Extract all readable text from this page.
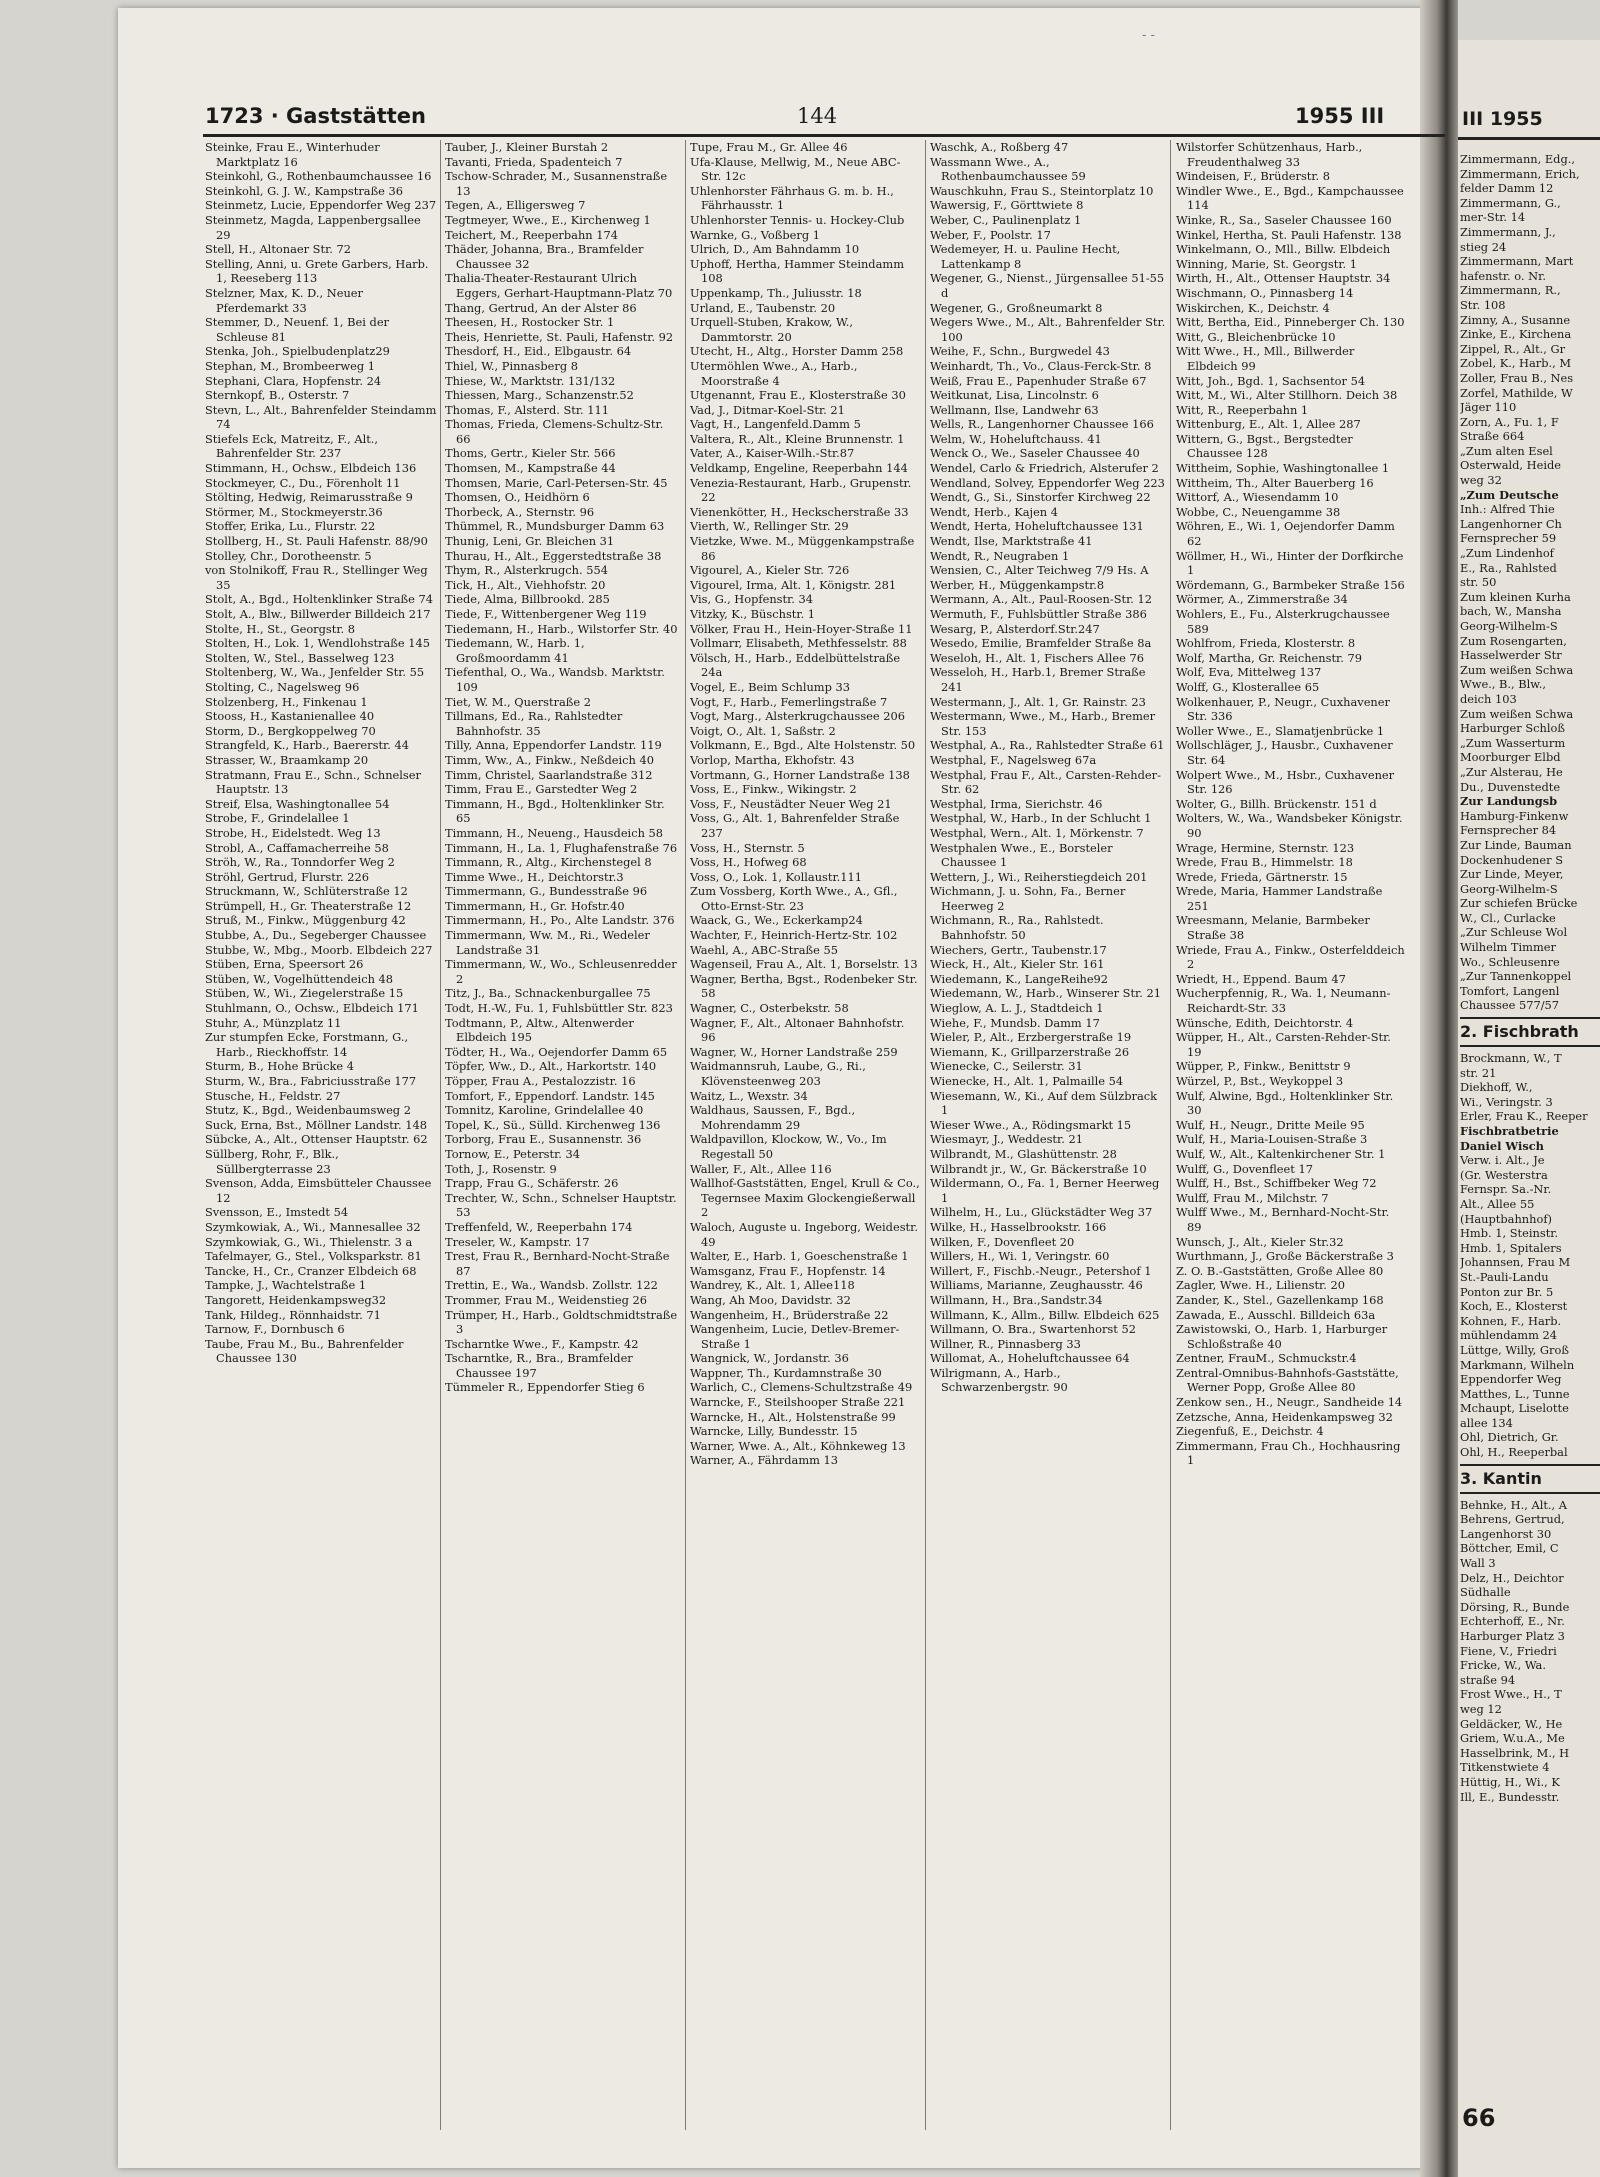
- -
1723 · Gaststätten	144	1955 III

Steinke, Frau E., Winterhuder Marktplatz 16

Steinkohl, G., Rothenbaumchaussee 16

Steinkohl, G. J. W., Kampstraße 36

Steinmetz, Lucie, Eppendorfer Weg 237

Steinmetz, Magda, Lappenbergsallee 29

Stell, H., Altonaer Str. 72

Stelling, Anni, u. Grete Garbers, Harb. 1, Reeseberg 113

Stelzner, Max, K. D., Neuer Pferdemarkt 33

Stemmer, D., Neuenf. 1, Bei der Schleuse 81

Stenka, Joh., Spielbudenplatz29

Stephan, M., Brombeerweg 1

Stephani, Clara, Hopfenstr. 24

Sternkopf, B., Osterstr. 7

Stevn, L., Alt., Bahrenfelder Steindamm 74

Stiefels Eck, Matreitz, F., Alt., Bahrenfelder Str. 237

Stimmann, H., Ochsw., Elbdeich 136

Stockmeyer, C., Du., Förenholt 11

Stölting, Hedwig, Reimarusstraße 9

Störmer, M., Stockmeyerstr.36

Stoffer, Erika, Lu., Flurstr. 22

Stollberg, H., St. Pauli Hafenstr. 88/90

Stolley, Chr., Dorotheenstr. 5

von Stolnikoff, Frau R., Stellinger Weg 35

Stolt, A., Bgd., Holtenklinker Straße 74

Stolt, A., Blw., Billwerder Billdeich 217

Stolte, H., St., Georgstr. 8

Stolten, H., Lok. 1, Wendlohstraße 145

Stolten, W., Stel., Basselweg 123

Stoltenberg, W., Wa., Jenfelder Str. 55

Stolting, C., Nagelsweg 96

Stolzenberg, H., Finkenau 1

Stooss, H., Kastanienallee 40

Storm, D., Bergkoppelweg 70

Strangfeld, K., Harb., Baererstr. 44

Strasser, W., Braamkamp 20

Stratmann, Frau E., Schn., Schnelser Hauptstr. 13

Streif, Elsa, Washingtonallee 54

Strobe, F., Grindelallee 1

Strobe, H., Eidelstedt. Weg 13

Strobl, A., Caffamacherreihe 58

Ströh, W., Ra., Tonndorfer Weg 2

Ströhl, Gertrud, Flurstr. 226

Struckmann, W., Schlüterstraße 12

Strümpell, H., Gr. Theaterstraße 12

Struß, M., Finkw., Müggenburg 42

Stubbe, A., Du., Segeberger Chaussee

Stubbe, W., Mbg., Moorb. Elbdeich 227

Stüben, Erna, Speersort 26

Stüben, W., Vogelhüttendeich 48

Stüben, W., Wi., Ziegelerstraße 15

Stuhlmann, O., Ochsw., Elbdeich 171

Stuhr, A., Münzplatz 11

Zur stumpfen Ecke, Forstmann, G., Harb., Rieckhoffstr. 14

Sturm, B., Hohe Brücke 4

Sturm, W., Bra., Fabriciusstraße 177

Stusche, H., Feldstr. 27

Stutz, K., Bgd., Weidenbaumsweg 2

Suck, Erna, Bst., Möllner Landstr. 148

Sübcke, A., Alt., Ottenser Hauptstr. 62

Süllberg, Rohr, F., Blk., Süllbergterrasse 23

Svenson, Adda, Eimsbütteler Chaussee 12

Svensson, E., Imstedt 54

Szymkowiak, A., Wi., Mannesallee 32

Szymkowiak, G., Wi., Thielenstr. 3 a

Tafelmayer, G., Stel., Volksparkstr. 81

Tancke, H., Cr., Cranzer Elbdeich 68

Tampke, J., Wachtelstraße 1

Tangorett, Heidenkampsweg32

Tank, Hildeg., Rönnhaidstr. 71

Tarnow, F., Dornbusch 6

Taube, Frau M., Bu., Bahrenfelder Chaussee 130

Tauber, J., Kleiner Burstah 2

Tavanti, Frieda, Spadenteich 7

Tschow-Schrader, M., Susannenstraße 13

Tegen, A., Elligersweg 7

Tegtmeyer, Wwe., E., Kirchenweg 1

Teichert, M., Reeperbahn 174

Thäder, Johanna, Bra., Bramfelder Chaussee 32

Thalia-Theater-Restaurant Ulrich Eggers, Gerhart-Hauptmann-Platz 70

Thang, Gertrud, An der Alster 86

Theesen, H., Rostocker Str. 1

Theis, Henriette, St. Pauli, Hafenstr. 92

Thesdorf, H., Eid., Elbgaustr. 64

Thiel, W., Pinnasberg 8

Thiese, W., Marktstr. 131/132

Thiessen, Marg., Schanzenstr.52

Thomas, F., Alsterd. Str. 111

Thomas, Frieda, Clemens-Schultz-Str. 66

Thoms, Gertr., Kieler Str. 566

Thomsen, M., Kampstraße 44

Thomsen, Marie, Carl-Petersen-Str. 45

Thomsen, O., Heidhörn 6

Thorbeck, A., Sternstr. 96

Thümmel, R., Mundsburger Damm 63

Thunig, Leni, Gr. Bleichen 31

Thurau, H., Alt., Eggerstedtstraße 38

Thym, R., Alsterkrugch. 554

Tick, H., Alt., Viehhofstr. 20

Tiede, Alma, Billbrookd. 285

Tiede, F., Wittenbergener Weg 119

Tiedemann, H., Harb., Wilstorfer Str. 40

Tiedemann, W., Harb. 1, Großmoordamm 41

Tiefenthal, O., Wa., Wandsb. Marktstr. 109

Tiet, W. M., Querstraße 2

Tillmans, Ed., Ra., Rahlstedter Bahnhofstr. 35

Tilly, Anna, Eppendorfer Landstr. 119

Timm, Ww., A., Finkw., Neßdeich 40

Timm, Christel, Saarlandstraße 312

Timm, Frau E., Garstedter Weg 2

Timmann, H., Bgd., Holtenklinker Str. 65

Timmann, H., Neueng., Hausdeich 58

Timmann, H., La. 1, Flughafenstraße 76

Timmann, R., Altg., Kirchenstegel 8

Timme Wwe., H., Deichtorstr.3

Timmermann, G., Bundesstraße 96

Timmermann, H., Gr. Hofstr.40

Timmermann, H., Po., Alte Landstr. 376

Timmermann, Ww. M., Ri., Wedeler Landstraße 31

Timmermann, W., Wo., Schleusenredder 2

Titz, J., Ba., Schnackenburgallee 75

Todt, H.-W., Fu. 1, Fuhlsbüttler Str. 823

Todtmann, P., Altw., Altenwerder Elbdeich 195

Tödter, H., Wa., Oejendorfer Damm 65

Töpfer, Ww., D., Alt., Harkortstr. 140

Töpper, Frau A., Pestalozzistr. 16

Tomfort, F., Eppendorf. Landstr. 145

Tomnitz, Karoline, Grindelallee 40

Topel, K., Sü., Sülld. Kirchenweg 136

Torborg, Frau E., Susannenstr. 36

Tornow, E., Peterstr. 34

Toth, J., Rosenstr. 9

Trapp, Frau G., Schäferstr. 26

Trechter, W., Schn., Schnelser Hauptstr. 53

Treffenfeld, W., Reeperbahn 174

Treseler, W., Kampstr. 17

Trest, Frau R., Bernhard-Nocht-Straße 87

Trettin, E., Wa., Wandsb. Zollstr. 122

Trommer, Frau M., Weidenstieg 26

Trümper, H., Harb., Goldtschmidtstraße 3

Tscharntke Wwe., F., Kampstr. 42

Tscharntke, R., Bra., Bramfelder Chaussee 197

Tümmeler R., Eppendorfer Stieg 6

Tupe, Frau M., Gr. Allee 46

Ufa-Klause, Mellwig, M., Neue ABC-Str. 12c

Uhlenhorster Fährhaus G. m. b. H., Fährhausstr. 1

Uhlenhorster Tennis- u. Hockey-Club

Warnke, G., Voßberg 1

Ulrich, D., Am Bahndamm 10

Uphoff, Hertha, Hammer Steindamm 108

Uppenkamp, Th., Juliusstr. 18

Urland, E., Taubenstr. 20

Urquell-Stuben, Krakow, W., Dammtorstr. 20

Utecht, H., Altg., Horster Damm 258

Utermöhlen Wwe., A., Harb., Moorstraße 4

Utgenannt, Frau E., Klosterstraße 30

Vad, J., Ditmar-Koel-Str. 21

Vagt, H., Langenfeld.Damm 5

Valtera, R., Alt., Kleine Brunnenstr. 1

Vater, A., Kaiser-Wilh.-Str.87

Veldkamp, Engeline, Reeperbahn 144

Venezia-Restaurant, Harb., Grupenstr. 22

Vienenkötter, H., Heckscherstraße 33

Vierth, W., Rellinger Str. 29

Vietzke, Wwe. M., Müggenkampstraße 86

Vigourel, A., Kieler Str. 726

Vigourel, Irma, Alt. 1, Königstr. 281

Vis, G., Hopfenstr. 34

Vitzky, K., Büschstr. 1

Völker, Frau H., Hein-Hoyer-Straße 11

Vollmarr, Elisabeth, Methfesselstr. 88

Völsch, H., Harb., Eddelbüttelstraße 24a

Vogel, E., Beim Schlump 33

Vogt, F., Harb., Femerlingstraße 7

Vogt, Marg., Alsterkrugchaussee 206

Voigt, O., Alt. 1, Saßstr. 2

Volkmann, E., Bgd., Alte Holstenstr. 50

Vorlop, Martha, Ekhofstr. 43

Vortmann, G., Horner Landstraße 138

Voss, E., Finkw., Wikingstr. 2

Voss, F., Neustädter Neuer Weg 21

Voss, G., Alt. 1, Bahrenfelder Straße 237

Voss, H., Sternstr. 5

Voss, H., Hofweg 68

Voss, O., Lok. 1, Kollaustr.111

Zum Vossberg, Korth Wwe., A., Gfl., Otto-Ernst-Str. 23

Waack, G., We., Eckerkamp24

Wachter, F., Heinrich-Hertz-Str. 102

Waehl, A., ABC-Straße 55

Wagenseil, Frau A., Alt. 1, Borselstr. 13

Wagner, Bertha, Bgst., Rodenbeker Str. 58

Wagner, C., Osterbekstr. 58

Wagner, F., Alt., Altonaer Bahnhofstr. 96

Wagner, W., Horner Landstraße 259

Waidmannsruh, Laube, G., Ri., Klövensteenweg 203

Waitz, L., Wexstr. 34

Waldhaus, Saussen, F., Bgd., Mohrendamm 29

Waldpavillon, Klockow, W., Vo., Im Regestall 50

Waller, F., Alt., Allee 116

Wallhof-Gaststätten, Engel, Krull & Co., Tegernsee Maxim Glockengießerwall 2

Waloch, Auguste u. Ingeborg, Weidestr. 49

Walter, E., Harb. 1, Goeschenstraße 1

Wamsganz, Frau F., Hopfenstr. 14

Wandrey, K., Alt. 1, Allee118

Wang, Ah Moo, Davidstr. 32

Wangenheim, H., Brüderstraße 22

Wangenheim, Lucie, Detlev-Bremer-Straße 1

Wangnick, W., Jordanstr. 36

Wappner, Th., Kurdamnstraße 30

Warlich, C., Clemens-Schultzstraße 49

Warncke, F., Steilshooper Straße 221

Warncke, H., Alt., Holstenstraße 99

Warncke, Lilly, Bundesstr. 15

Warner, Wwe. A., Alt., Köhnkeweg 13

Warner, A., Fährdamm 13

Waschk, A., Roßberg 47

Wassmann Wwe., A., Rothenbaumchaussee 59

Wauschkuhn, Frau S., Steintorplatz 10

Wawersig, F., Görttwiete 8

Weber, C., Paulinenplatz 1

Weber, F., Poolstr. 17

Wedemeyer, H. u. Pauline Hecht, Lattenkamp 8

Wegener, G., Nienst., Jürgensallee 51-55 d

Wegener, G., Großneumarkt 8

Wegers Wwe., M., Alt., Bahrenfelder Str. 100

Weihe, F., Schn., Burgwedel 43

Weinhardt, Th., Vo., Claus-Ferck-Str. 8

Weiß, Frau E., Papenhuder Straße 67

Weitkunat, Lisa, Lincolnstr. 6

Wellmann, Ilse, Landwehr 63

Wells, R., Langenhorner Chaussee 166

Welm, W., Hoheluftchauss. 41

Wenck O., We., Saseler Chaussee 40

Wendel, Carlo & Friedrich, Alsterufer 2

Wendland, Solvey, Eppendorfer Weg 223

Wendt, G., Si., Sinstorfer Kirchweg 22

Wendt, Herb., Kajen 4

Wendt, Herta, Hoheluftchaussee 131

Wendt, Ilse, Marktstraße 41

Wendt, R., Neugraben 1

Wensien, C., Alter Teichweg 7/9 Hs. A

Werber, H., Müggenkampstr.8

Wermann, A., Alt., Paul-Roosen-Str. 12

Wermuth, F., Fuhlsbüttler Straße 386

Wesarg, P., Alsterdorf.Str.247

Wesedo, Emilie, Bramfelder Straße 8a

Weseloh, H., Alt. 1, Fischers Allee 76

Wesseloh, H., Harb.1, Bremer Straße 241

Westermann, J., Alt. 1, Gr. Rainstr. 23

Westermann, Wwe., M., Harb., Bremer Str. 153

Westphal, A., Ra., Rahlstedter Straße 61

Westphal, F., Nagelsweg 67a

Westphal, Frau F., Alt., Carsten-Rehder-Str. 62

Westphal, Irma, Sierichstr. 46

Westphal, W., Harb., In der Schlucht 1

Westphal, Wern., Alt. 1, Mörkenstr. 7

Westphalen Wwe., E., Borsteler Chaussee 1

Wettern, J., Wi., Reiherstiegdeich 201

Wichmann, J. u. Sohn, Fa., Berner Heerweg 2

Wichmann, R., Ra., Rahlstedt. Bahnhofstr. 50

Wiechers, Gertr., Taubenstr.17

Wieck, H., Alt., Kieler Str. 161

Wiedemann, K., LangeReihe92

Wiedemann, W., Harb., Winserer Str. 21

Wieglow, A. L. J., Stadtdeich 1

Wiehe, F., Mundsb. Damm 17

Wieler, P., Alt., Erzbergerstraße 19

Wiemann, K., Grillparzerstraße 26

Wienecke, C., Seilerstr. 31

Wienecke, H., Alt. 1, Palmaille 54

Wiesemann, W., Ki., Auf dem Sülzbrack 1

Wieser Wwe., A., Rödingsmarkt 15

Wiesmayr, J., Weddestr. 21

Wilbrandt, M., Glashüttenstr. 28

Wilbrandt jr., W., Gr. Bäckerstraße 10

Wildermann, O., Fa. 1, Berner Heerweg 1

Wilhelm, H., Lu., Glückstädter Weg 37

Wilke, H., Hasselbrookstr. 166

Wilken, F., Dovenfleet 20

Willers, H., Wi. 1, Veringstr. 60

Willert, F., Fischb.-Neugr., Petershof 1

Williams, Marianne, Zeughausstr. 46

Willmann, H., Bra.,Sandstr.34

Willmann, K., Allm., Billw. Elbdeich 625

Willmann, O. Bra., Swartenhorst 52

Willner, R., Pinnasberg 33

Willomat, A., Hoheluftchaussee 64

Wilrigmann, A., Harb., Schwarzenbergstr. 90

Wilstorfer Schützenhaus, Harb., Freudenthalweg 33

Windeisen, F., Brüderstr. 8

Windler Wwe., E., Bgd., Kampchaussee 114

Winke, R., Sa., Saseler Chaussee 160

Winkel, Hertha, St. Pauli Hafenstr. 138

Winkelmann, O., Mll., Billw. Elbdeich

Winning, Marie, St. Georgstr. 1

Wirth, H., Alt., Ottenser Hauptstr. 34

Wischmann, O., Pinnasberg 14

Wiskirchen, K., Deichstr. 4

Witt, Bertha, Eid., Pinneberger Ch. 130

Witt, G., Bleichenbrücke 10

Witt Wwe., H., Mll., Billwerder Elbdeich 99

Witt, Joh., Bgd. 1, Sachsentor 54

Witt, M., Wi., Alter Stillhorn. Deich 38

Witt, R., Reeperbahn 1

Wittenburg, E., Alt. 1, Allee 287

Wittern, G., Bgst., Bergstedter Chaussee 128

Wittheim, Sophie, Washingtonallee 1

Wittheim, Th., Alter Bauerberg 16

Wittorf, A., Wiesendamm 10

Wobbe, C., Neuengamme 38

Wöhren, E., Wi. 1, Oejendorfer Damm 62

Wöllmer, H., Wi., Hinter der Dorfkirche 1

Wördemann, G., Barmbeker Straße 156

Wörmer, A., Zimmerstraße 34

Wohlers, E., Fu., Alsterkrugchaussee 589

Wohlfrom, Frieda, Klosterstr. 8

Wolf, Martha, Gr. Reichenstr. 79

Wolf, Eva, Mittelweg 137

Wolff, G., Klosterallee 65

Wolkenhauer, P., Neugr., Cuxhavener Str. 336

Woller Wwe., E., Slamatjenbrücke 1

Wollschläger, J., Hausbr., Cuxhavener Str. 64

Wolpert Wwe., M., Hsbr., Cuxhavener Str. 126

Wolter, G., Billh. Brückenstr. 151 d

Wolters, W., Wa., Wandsbeker Königstr. 90

Wrage, Hermine, Sternstr. 123

Wrede, Frau B., Himmelstr. 18

Wrede, Frieda, Gärtnerstr. 15

Wrede, Maria, Hammer Landstraße 251

Wreesmann, Melanie, Barmbeker Straße 38

Wriede, Frau A., Finkw., Osterfelddeich 2

Wriedt, H., Eppend. Baum 47

Wucherpfennig, R., Wa. 1, Neumann-Reichardt-Str. 33

Wünsche, Edith, Deichtorstr. 4

Wüpper, H., Alt., Carsten-Rehder-Str. 19

Wüpper, P., Finkw., Benittstr 9

Würzel, P., Bst., Weykoppel 3

Wulf, Alwine, Bgd., Holtenklinker Str. 30

Wulf, H., Neugr., Dritte Meile 95

Wulf, H., Maria-Louisen-Straße 3

Wulf, W., Alt., Kaltenkirchener Str. 1

Wulff, G., Dovenfleet 17

Wulff, H., Bst., Schiffbeker Weg 72

Wulff, Frau M., Milchstr. 7

Wulff Wwe., M., Bernhard-Nocht-Str. 89

Wunsch, J., Alt., Kieler Str.32

Wurthmann, J., Große Bäckerstraße 3

Z. O. B.-Gaststätten, Große Allee 80

Zagler, Wwe. H., Lilienstr. 20

Zander, K., Stel., Gazellenkamp 168

Zawada, E., Ausschl. Billdeich 63a

Zawistowski, O., Harb. 1, Harburger Schloßstraße 40

Zentner, FrauM., Schmuckstr.4

Zentral-Omnibus-Bahnhofs-Gaststätte, Werner Popp, Große Allee 80

Zenkow sen., H., Neugr., Sandheide 14

Zetzsche, Anna, Heidenkampsweg 32

Ziegenfuß, E., Deichstr. 4

Zimmermann, Frau Ch., Hochhausring 1

III 1955

Zimmermann, Edg.,

Zimmermann, Erich,

felder Damm 12

Zimmermann, G.,

mer-Str. 14

Zimmermann, J.,

stieg 24

Zimmermann, Mart

hafenstr. o. Nr.

Zimmermann, R.,

Str. 108

Zimny, A., Susanne

Zinke, E., Kirchena

Zippel, R., Alt., Gr

Zobel, K., Harb., M

Zoller, Frau B., Nes

Zorfel, Mathilde, W

Jäger 110

Zorn, A., Fu. 1, F

Straße 664

„Zum alten Esel

Osterwald, Heide

weg 32

„Zum Deutsche

Inh.: Alfred Thie

Langenhorner Ch

Fernsprecher 59

„Zum Lindenhof

E., Ra., Rahlsted

str. 50

Zum kleinen Kurha

bach, W., Mansha

Georg-Wilhelm-S

Zum Rosengarten,

Hasselwerder Str

Zum weißen Schwa

Wwe., B., Blw.,

deich 103

Zum weißen Schwa

Harburger Schloß

„Zum Wasserturm

Moorburger Elbd

„Zur Alsterau, He

Du., Duvenstedte

Zur Landungsb

Hamburg-Finkenw

Fernsprecher 84

Zur Linde, Bauman

Dockenhudener S

Zur Linde, Meyer,

Georg-Wilhelm-S

Zur schiefen Brücke

W., Cl., Curlacke

„Zur Schleuse Wol

Wilhelm Timmer

Wo., Schleusenre

„Zur Tannenkoppel

Tomfort, Langenl

Chaussee 577/57

2. Fischbrath

Brockmann, W., T

str. 21

Diekhoff, W.,

Wi., Veringstr. 3

Erler, Frau K., Reeper

Fischbratbetrie

Daniel Wisch

Verw. i. Alt., Je

(Gr. Westerstra

Fernspr. Sa.-Nr.

Alt., Allee 55

(Hauptbahnhof)

Hmb. 1, Steinstr.

Hmb. 1, Spitalers

Johannsen, Frau M

St.-Pauli-Landu

Ponton zur Br. 5

Koch, E., Klosterst

Kohnen, F., Harb.

mühlendamm 24

Lüttge, Willy, Groß

Markmann, Wilheln

Eppendorfer Weg

Matthes, L., Tunne

Mchaupt, Liselotte

allee 134

Ohl, Dietrich, Gr.

Ohl, H., Reeperbal

3. Kantin

Behnke, H., Alt., A

Behrens, Gertrud,

Langenhorst 30

Böttcher, Emil, C

Wall 3

Delz, H., Deichtor

Südhalle

Dörsing, R., Bunde

Echterhoff, E., Nr.

Harburger Platz 3

Fiene, V., Friedri

Fricke, W., Wa.

straße 94

Frost Wwe., H., T

weg 12

Geldäcker, W., He

Griem, W.u.A., Me

Hasselbrink, M., H

Titkenstwiete 4

Hüttig, H., Wi., K

Ill, E., Bundesstr.

66
